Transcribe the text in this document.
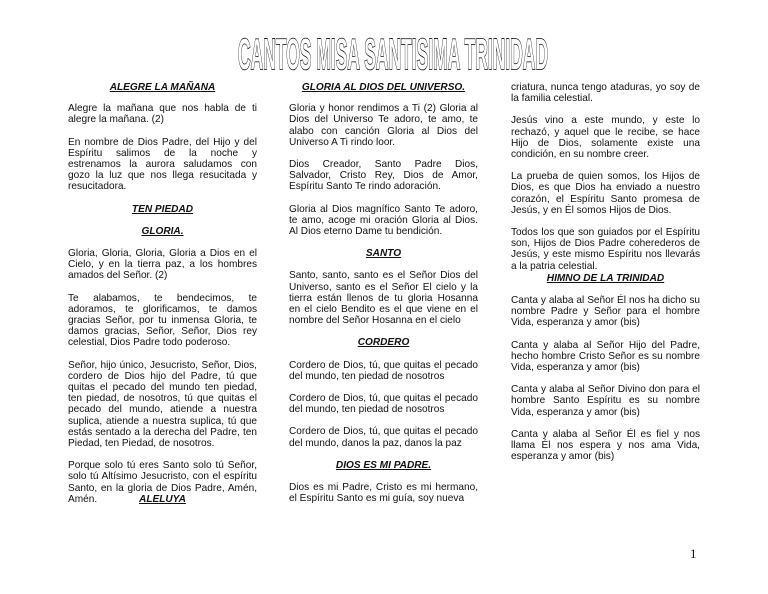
CANTOS MISA SANTISIMA TRINIDAD

ALEGRE LA MAÑANA

Alegre la mañana que nos habla de ti alegre la mañana. (2)

En nombre de Dios Padre, del Hijo y del Espíritu salimos de la noche y estrenamos la aurora saludamos con gozo la luz que nos llega resucitada y resucitadora.

TEN PIEDAD

GLORIA.

Gloria, Gloria, Gloria, Gloria a Dios en el Cielo, y en la tierra paz, a los hombres amados del Señor. (2)

Te alabamos, te bendecimos, te adoramos, te glorificamos, te damos gracias Señor, por tu inmensa Gloria, te damos gracias, Señor, Señor, Dios rey celestial, Dios Padre todo poderoso.

Señor, hijo único, Jesucristo, Señor, Dios, cordero de Dios hijo del Padre, tú que quitas el pecado del mundo ten piedad, ten piedad, de nosotros, tú que quitas el pecado del mundo, atiende a nuestra suplica, atiende a nuestra suplica, tú que estás sentado a la derecha del Padre, ten Piedad, ten Piedad, de nosotros.

Porque solo tú eres Santo solo tú Señor, solo tú Altísimo Jesucristo, con el espíritu Santo, en la gloria de Dios Padre, Amén, Amén.	ALELUYA

GLORIA AL DIOS DEL UNIVERSO.

Gloria y honor rendimos a Ti (2) Gloria al Dios del Universo Te adoro, te amo, te alabo con canción Gloria al Dios del Universo A Ti rindo loor.

Dios Creador, Santo Padre Dios, Salvador, Cristo Rey, Dios de Amor, Espíritu Santo Te rindo adoración.

Gloria al Dios magnífico Santo Te adoro, te amo, acoge mi oración Gloria al Dios. Al Dios eterno Dame tu bendición.

SANTO

Santo, santo, santo es el Señor Dios del Universo, santo es el Señor El cielo y la tierra están llenos de tu gloria Hosanna en el cielo Bendito es el que viene en el nombre del Señor Hosanna en el cielo

CORDERO

Cordero de Dios, tú, que quitas el pecado del mundo, ten piedad de nosotros

Cordero de Dios, tú, que quitas el pecado del mundo, ten piedad de nosotros

Cordero de Dios, tú, que quitas el pecado del mundo, danos la paz, danos la paz

DIOS ES MI PADRE.

Dios es mi Padre, Cristo es mi hermano, el Espíritu Santo es mi guía, soy nueva

criatura, nunca tengo ataduras, yo soy de la familia celestial.

Jesús vino a este mundo, y este lo rechazó, y aquel que le recibe, se hace Hijo de Dios, solamente existe una condición, en su nombre creer.

La prueba de quien somos, los Hijos de Dios, es que Dios ha enviado a nuestro corazón, el Espíritu Santo promesa de Jesús, y en Él somos Hijos de Dios.

Todos los que son guiados por el Espíritu son, Hijos de Dios Padre coherederos de Jesús, y este mismo Espíritu nos llevarás a la patria celestial.

HIMNO DE LA TRINIDAD

Canta y alaba al Señor Él nos ha dicho su nombre Padre y Señor para el hombre Vida, esperanza y amor (bis)

Canta y alaba al Señor Hijo del Padre, hecho hombre Cristo Señor es su nombre Vida, esperanza y amor (bis)

Canta y alaba al Señor Divino don para el hombre Santo Espíritu es su nombre Vida, esperanza y amor (bis)

Canta y alaba al Señor Él es fiel y nos llama Él nos espera y nos ama Vida, esperanza y amor (bis)

1
